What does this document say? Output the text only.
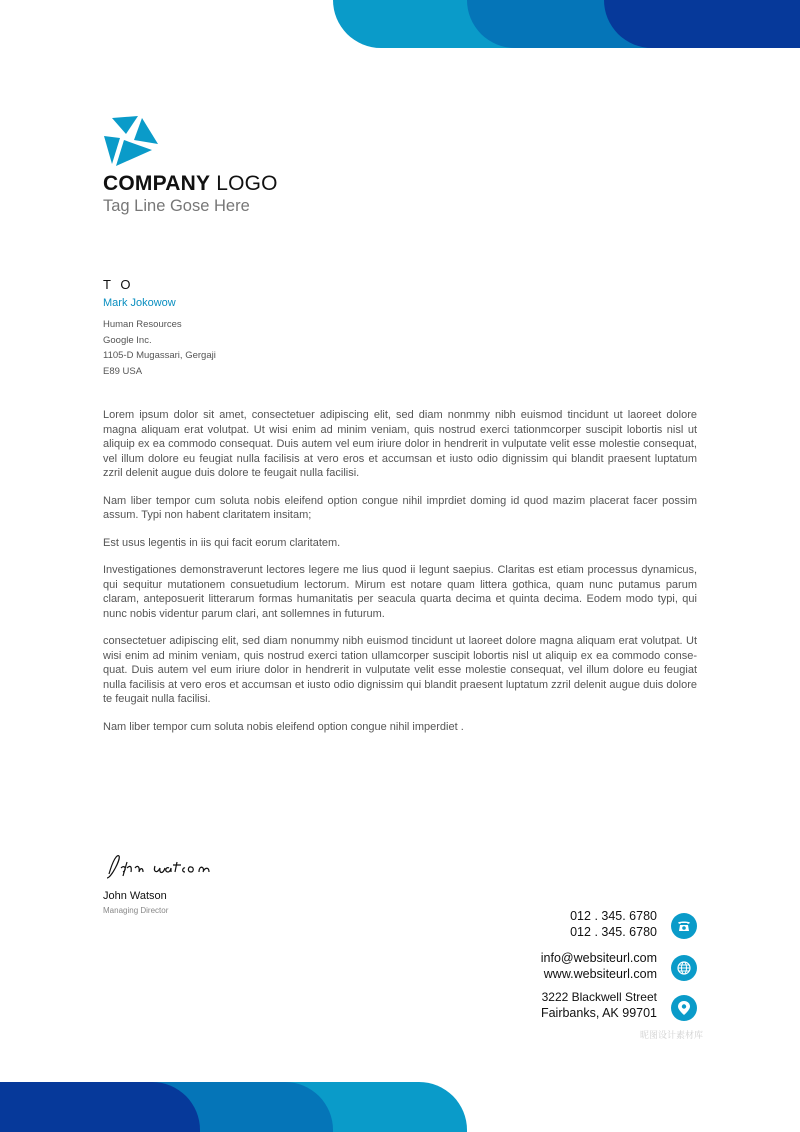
COMPANY LOGO
Tag Line Gose Here
T O
Mark Jokowow
Human Resources
Google Inc.
1105-D Mugassari, Gergaji
E89 USA

Lorem ipsum dolor sit amet, consectetuer adipiscing elit, sed diam nonmmy nibh euismod tincidunt ut laoreet dolore magna aliquam erat volutpat. Ut wisi enim ad minim veniam, quis nostrud exerci tationmcorper suscipit lobortis nisl ut aliquip ex ea commodo consequat. Duis autem vel eum iriure dolor in hendrerit in vulputate velit esse molestie consequat, vel illum dolore eu feugiat nulla facilisis at vero eros et accumsan et iusto odio dignissim qui blandit praesent luptatum zzril delenit augue duis dolore te feugait nulla facilisi.

Nam liber tempor cum soluta nobis eleifend option congue nihil imprdiet doming id quod mazim placerat facer possim assum. Typi non habent claritatem insitam;

Est usus legentis in iis qui facit eorum claritatem.

Investigationes demonstraverunt lectores legere me lius quod ii legunt saepius. Claritas est etiam processus dynamicus, qui sequitur mutationem consuetudium lectorum. Mirum est notare quam littera gothica, quam nunc putamus parum claram, anteposuerit litterarum formas humanitatis per seacula quarta decima et quinta decima. Eodem modo typi, qui nunc nobis videntur parum clari, ant sollemnes in futurum.

consectetuer adipiscing elit, sed diam nonummy nibh euismod tincidunt ut laoreet dolore magna aliquam erat volutpat. Ut wisi enim ad minim veniam, quis nostrud exerci tation ullamcorper suscipit lobortis nisl ut aliquip ex ea commodo conse-quat. Duis autem vel eum iriure dolor in hendrerit in vulputate velit esse molestie consequat, vel illum dolore eu feugiat nulla facilisis at vero eros et accumsan et iusto odio dignissim qui blandit praesent luptatum zzril delenit augue duis dolore te feugait nulla facilisi.

Nam liber tempor cum soluta nobis eleifend option congue nihil imperdiet .

John Watson
Managing Director	012 . 345. 6780
012 . 345. 6780
info@websiteurl.com
www.websiteurl.com
3222 Blackwell Street
Fairbanks, AK 99701
昵图设计素材库
